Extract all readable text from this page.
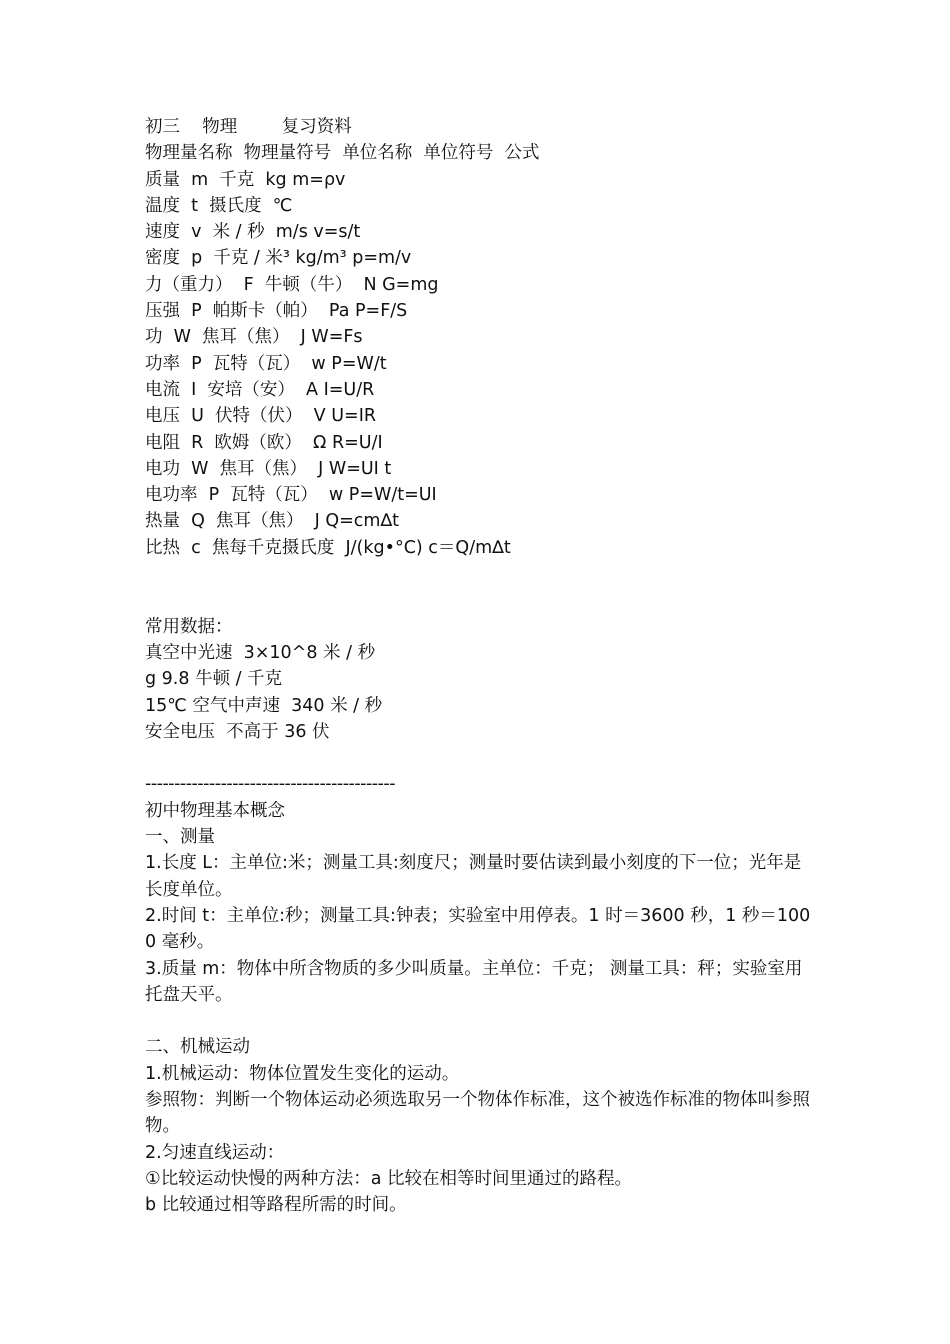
初三    物理        复习资料
物理量名称  物理量符号  单位名称  单位符号  公式
质量  m  千克  kg m=ρv
温度  t  摄氏度  ℃
速度  v  米 / 秒  m/s v=s/t
密度  p  千克 / 米³ kg/m³ p=m/v
力（重力）  F  牛顿（牛）  N G=mg
压强  P  帕斯卡（帕）  Pa P=F/S
功  W  焦耳（焦）  J W=Fs
功率  P  瓦特（瓦）  w P=W/t
电流  I  安培（安）  A I=U/R
电压  U  伏特（伏）  V U=IR
电阻  R  欧姆（欧）  Ω R=U/I
电功  W  焦耳（焦）  J W=UI t
电功率  P  瓦特（瓦）  w P=W/t=UI
热量  Q  焦耳（焦）  J Q=cm∆t
比热  c  焦每千克摄氏度  J/(kg•°C) c＝Q/m∆t
常用数据：
真空中光速  3×10^8 米 / 秒
g 9.8 牛顿 / 千克
15℃ 空气中声速  340 米 / 秒
安全电压  不高于 36 伏
-------------------------------------------
初中物理基本概念
一、测量
1.长度 L：主单位:米；测量工具:刻度尺；测量时要估读到最小刻度的下一位；光年是长度单位。
2.时间 t：主单位:秒；测量工具:钟表；实验室中用停表。1 时＝3600 秒，1 秒＝1000 毫秒。
3.质量 m：物体中所含物质的多少叫质量。主单位：千克； 测量工具：秤；实验室用托盘天平。
二、机械运动
1.机械运动：物体位置发生变化的运动。
参照物：判断一个物体运动必须选取另一个物体作标准，这个被选作标准的物体叫参照物。
2.匀速直线运动：
①比较运动快慢的两种方法：a 比较在相等时间里通过的路程。
b 比较通过相等路程所需的时间。
